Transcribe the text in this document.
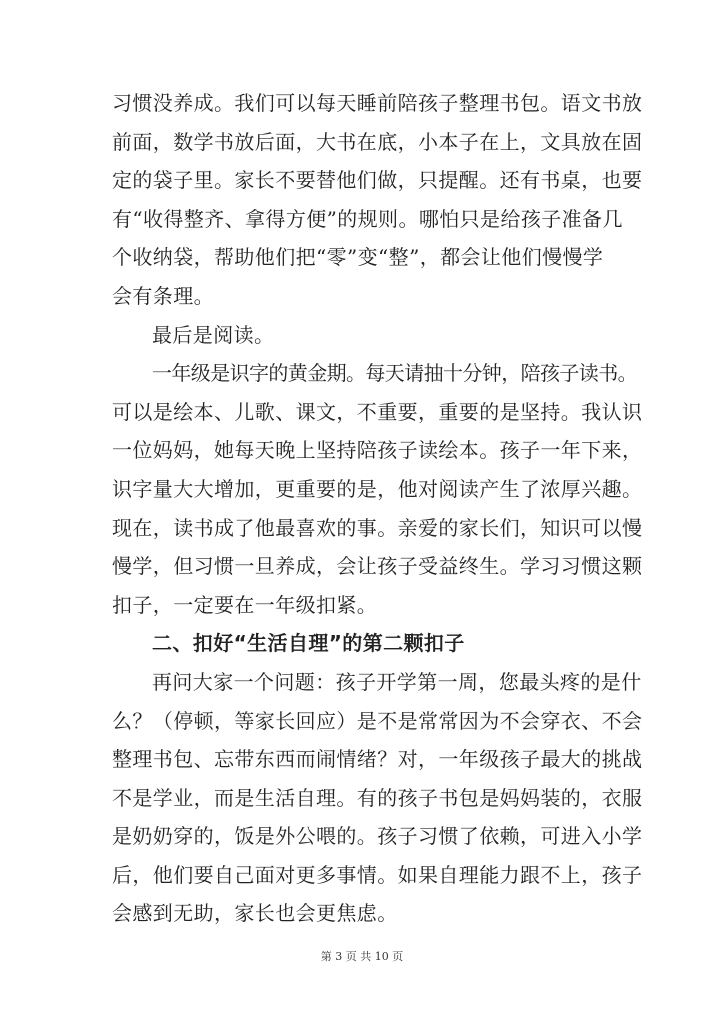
习惯没养成。我们可以每天睡前陪孩子整理书包。语文书放
前面，数学书放后面，大书在底，小本子在上，文具放在固
定的袋子里。家长不要替他们做，只提醒。还有书桌，也要
有“收得整齐、拿得方便”的规则。哪怕只是给孩子准备几
个收纳袋，帮助他们把“零”变“整”，都会让他们慢慢学
会有条理。
最后是阅读。
一年级是识字的黄金期。每天请抽十分钟，陪孩子读书。
可以是绘本、儿歌、课文，不重要，重要的是坚持。我认识
一位妈妈，她每天晚上坚持陪孩子读绘本。孩子一年下来，
识字量大大增加，更重要的是，他对阅读产生了浓厚兴趣。
现在，读书成了他最喜欢的事。亲爱的家长们，知识可以慢
慢学，但习惯一旦养成，会让孩子受益终生。学习习惯这颗
扣子，一定要在一年级扣紧。
二、扣好“生活自理”的第二颗扣子
再问大家一个问题：孩子开学第一周，您最头疼的是什
么？（停顿，等家长回应）是不是常常因为不会穿衣、不会
整理书包、忘带东西而闹情绪？对，一年级孩子最大的挑战
不是学业，而是生活自理。有的孩子书包是妈妈装的，衣服
是奶奶穿的，饭是外公喂的。孩子习惯了依赖，可进入小学
后，他们要自己面对更多事情。如果自理能力跟不上，孩子
会感到无助，家长也会更焦虑。
第 3 页 共 10 页
